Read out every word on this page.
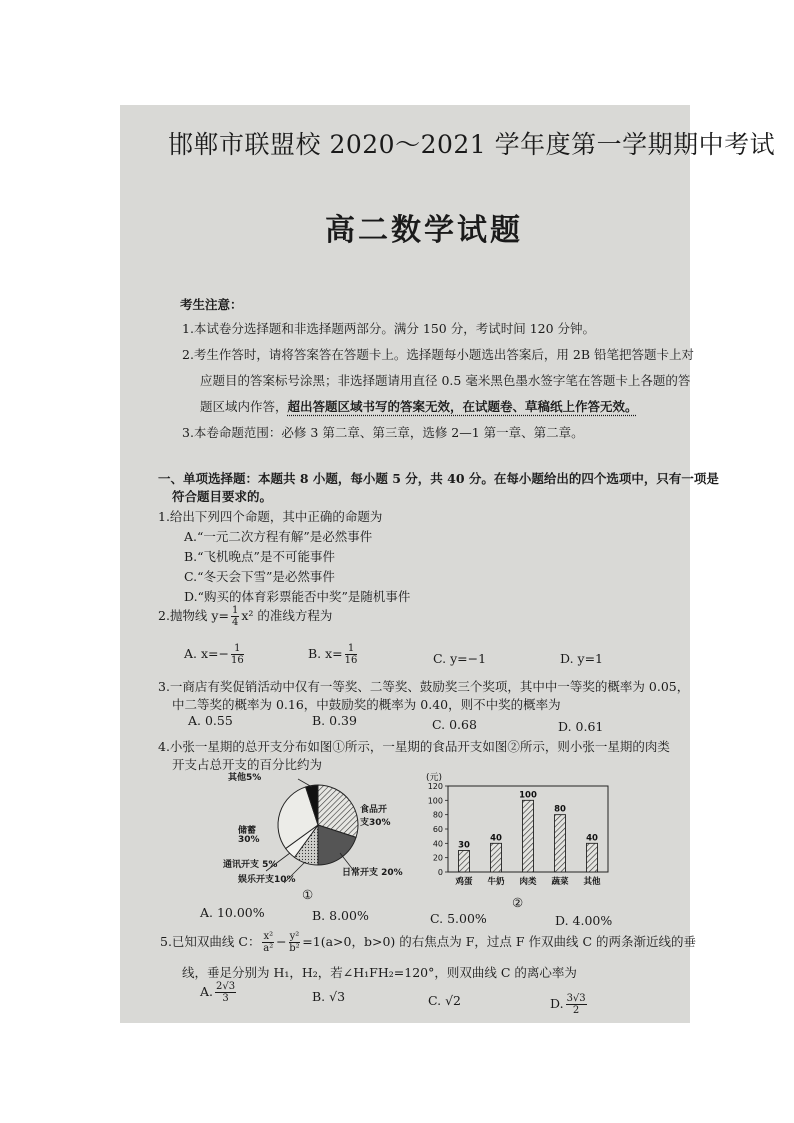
邯郸市联盟校 2020～2021 学年度第一学期期中考试
高二数学试题
考生注意：
1.本试卷分选择题和非选择题两部分。满分 150 分，考试时间 120 分钟。
2.考生作答时，请将答案答在答题卡上。选择题每小题选出答案后，用 2B 铅笔把答题卡上对
应题目的答案标号涂黑；非选择题请用直径 0.5 毫米黑色墨水签字笔在答题卡上各题的答
题区域内作答，超出答题区域书写的答案无效，在试题卷、草稿纸上作答无效。
3.本卷命题范围：必修 3 第二章、第三章，选修 2—1 第一章、第二章。
一、单项选择题：本题共 8 小题，每小题 5 分，共 40 分。在每小题给出的四个选项中，只有一项是
符合题目要求的。
1.给出下列四个命题，其中正确的命题为
A.“一元二次方程有解”是必然事件
B.“飞机晚点”是不可能事件
C.“冬天会下雪”是必然事件
D.“购买的体育彩票能否中奖”是随机事件
2.抛物线 $y= \frac{1}{4} x^2$ 的准线方程为
A. $x=- \frac{1}{16}$	B. $x= \frac{1}{16}$	C. y=−1	D. y=1
3.一商店有奖促销活动中仅有一等奖、二等奖、鼓励奖三个奖项，其中中一等奖的概率为 0.05，
中二等奖的概率为 0.16，中鼓励奖的概率为 0.40，则不中奖的概率为
A. 0.55	B. 0.39	C. 0.68	D. 0.61
4.小张一星期的总开支分布如图①所示，一星期的食品开支如图②所示，则小张一星期的肉类
开支占总开支的百分比约为
其他5%
储蓄
30%
食品开
支30%
通讯开支 5%
娱乐开支10%
日常开支 20%
①
(元)
0
20
40
60
80
100
120
30
鸡蛋
40
牛奶
100
肉类
80
蔬菜
40
其他
②
A. 10.00%	B. 8.00%	C. 5.00%	D. 4.00%
5.已知双曲线 C： $\frac{\text{x²}}{\text{a²}} - \frac{\text{y²}}{\text{b²}} =1(a>0$，b>0) 的右焦点为 F，过点 F 作双曲线 C 的两条渐近线的垂
线，垂足分别为 H₁，H₂，若∠H₁FH₂=120°，则双曲线 C 的离心率为
A. $\frac{2√3}{3}$	B. √3	C. √2	D. $\frac{3√3}{2}$
